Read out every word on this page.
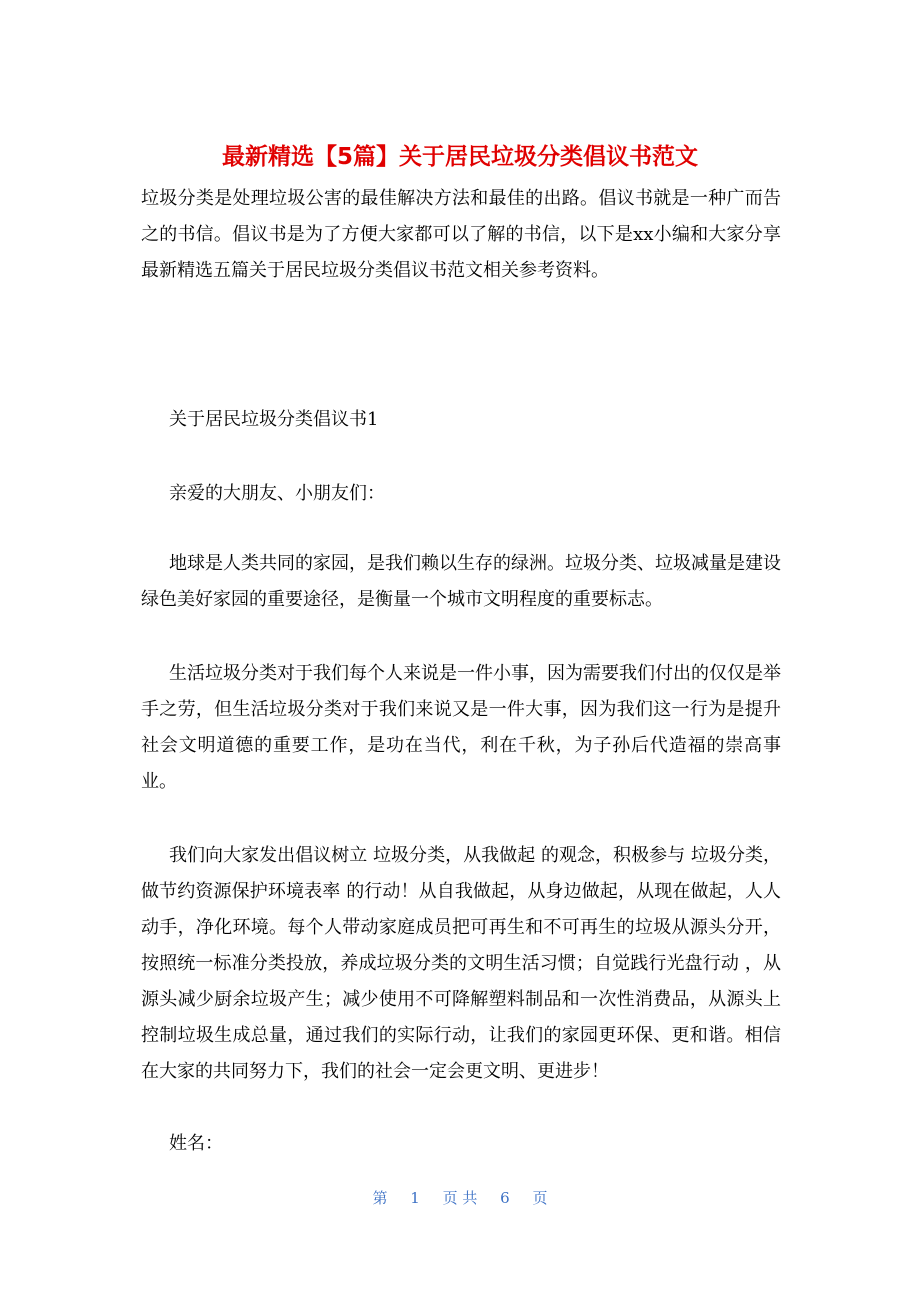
最新精选【5篇】关于居民垃圾分类倡议书范文

垃圾分类是处理垃圾公害的最佳解决方法和最佳的出路。倡议书就是一种广而告之的书信。倡议书是为了方便大家都可以了解的书信，以下是xx小编和大家分享最新精选五篇关于居民垃圾分类倡议书范文相关参考资料。

关于居民垃圾分类倡议书1

亲爱的大朋友、小朋友们：

地球是人类共同的家园，是我们赖以生存的绿洲。垃圾分类、垃圾减量是建设绿色美好家园的重要途径，是衡量一个城市文明程度的重要标志。

生活垃圾分类对于我们每个人来说是一件小事，因为需要我们付出的仅仅是举手之劳，但生活垃圾分类对于我们来说又是一件大事，因为我们这一行为是提升社会文明道德的重要工作，是功在当代，利在千秋，为子孙后代造福的崇高事业。

我们向大家发出倡议树立 垃圾分类，从我做起 的观念，积极参与 垃圾分类，做节约资源保护环境表率 的行动！从自我做起，从身边做起，从现在做起，人人动手，净化环境。每个人带动家庭成员把可再生和不可再生的垃圾从源头分开，按照统一标准分类投放，养成垃圾分类的文明生活习惯；自觉践行光盘行动 ，从源头减少厨余垃圾产生；减少使用不可降解塑料制品和一次性消费品，从源头上控制垃圾生成总量，通过我们的实际行动，让我们的家园更环保、更和谐。相信在大家的共同努力下，我们的社会一定会更文明、更进步！

姓名：

第 1 页 共 6 页
